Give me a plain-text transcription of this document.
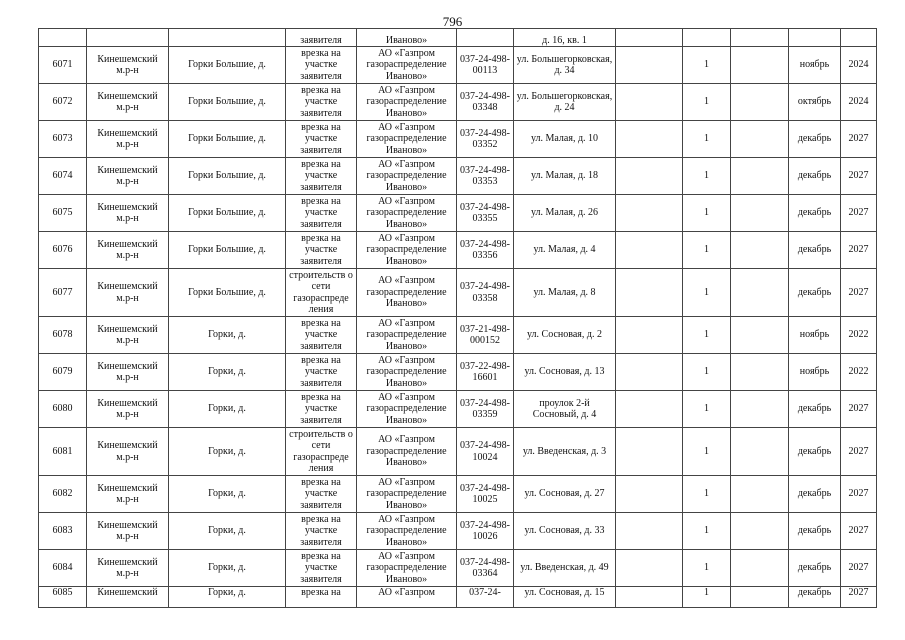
796
			заявителя	Иваново»		д. 16, кв. 1					
6071	Кинешемский м.р-н	Горки Большие, д.	врезка на участке заявителя	АО «Газпром газораспределение Иваново»	037-24-498-00113	ул. Большегорковская, д. 34		1		ноябрь	2024
6072	Кинешемский м.р-н	Горки Большие, д.	врезка на участке заявителя	АО «Газпром газораспределение Иваново»	037-24-498-03348	ул. Большегорковская, д. 24		1		октябрь	2024
6073	Кинешемский м.р-н	Горки Большие, д.	врезка на участке заявителя	АО «Газпром газораспределение Иваново»	037-24-498-03352	ул. Малая, д. 10		1		декабрь	2027
6074	Кинешемский м.р-н	Горки Большие, д.	врезка на участке заявителя	АО «Газпром газораспределение Иваново»	037-24-498-03353	ул. Малая, д. 18		1		декабрь	2027
6075	Кинешемский м.р-н	Горки Большие, д.	врезка на участке заявителя	АО «Газпром газораспределение Иваново»	037-24-498-03355	ул. Малая, д. 26		1		декабрь	2027
6076	Кинешемский м.р-н	Горки Большие, д.	врезка на участке заявителя	АО «Газпром газораспределение Иваново»	037-24-498-03356	ул. Малая, д. 4		1		декабрь	2027
6077	Кинешемский м.р-н	Горки Большие, д.	строительств о сети газораспреде ления	АО «Газпром газораспределение Иваново»	037-24-498-03358	ул. Малая, д. 8		1		декабрь	2027
6078	Кинешемский м.р-н	Горки, д.	врезка на участке заявителя	АО «Газпром газораспределение Иваново»	037-21-498-000152	ул. Сосновая, д. 2		1		ноябрь	2022
6079	Кинешемский м.р-н	Горки, д.	врезка на участке заявителя	АО «Газпром газораспределение Иваново»	037-22-498-16601	ул. Сосновая, д. 13		1		ноябрь	2022
6080	Кинешемский м.р-н	Горки, д.	врезка на участке заявителя	АО «Газпром газораспределение Иваново»	037-24-498-03359	проулок 2-й Сосновый, д. 4		1		декабрь	2027
6081	Кинешемский м.р-н	Горки, д.	строительств о сети газораспреде ления	АО «Газпром газораспределение Иваново»	037-24-498-10024	ул. Введенская, д. 3		1		декабрь	2027
6082	Кинешемский м.р-н	Горки, д.	врезка на участке заявителя	АО «Газпром газораспределение Иваново»	037-24-498-10025	ул. Сосновая, д. 27		1		декабрь	2027
6083	Кинешемский м.р-н	Горки, д.	врезка на участке заявителя	АО «Газпром газораспределение Иваново»	037-24-498-10026	ул. Сосновая, д. 33		1		декабрь	2027
6084	Кинешемский м.р-н	Горки, д.	врезка на участке заявителя	АО «Газпром газораспределение Иваново»	037-24-498-03364	ул. Введенская, д. 49		1		декабрь	2027
6085	Кинешемский	Горки, д.	врезка на	АО «Газпром	037-24-	ул. Сосновая, д. 15		1		декабрь	2027
